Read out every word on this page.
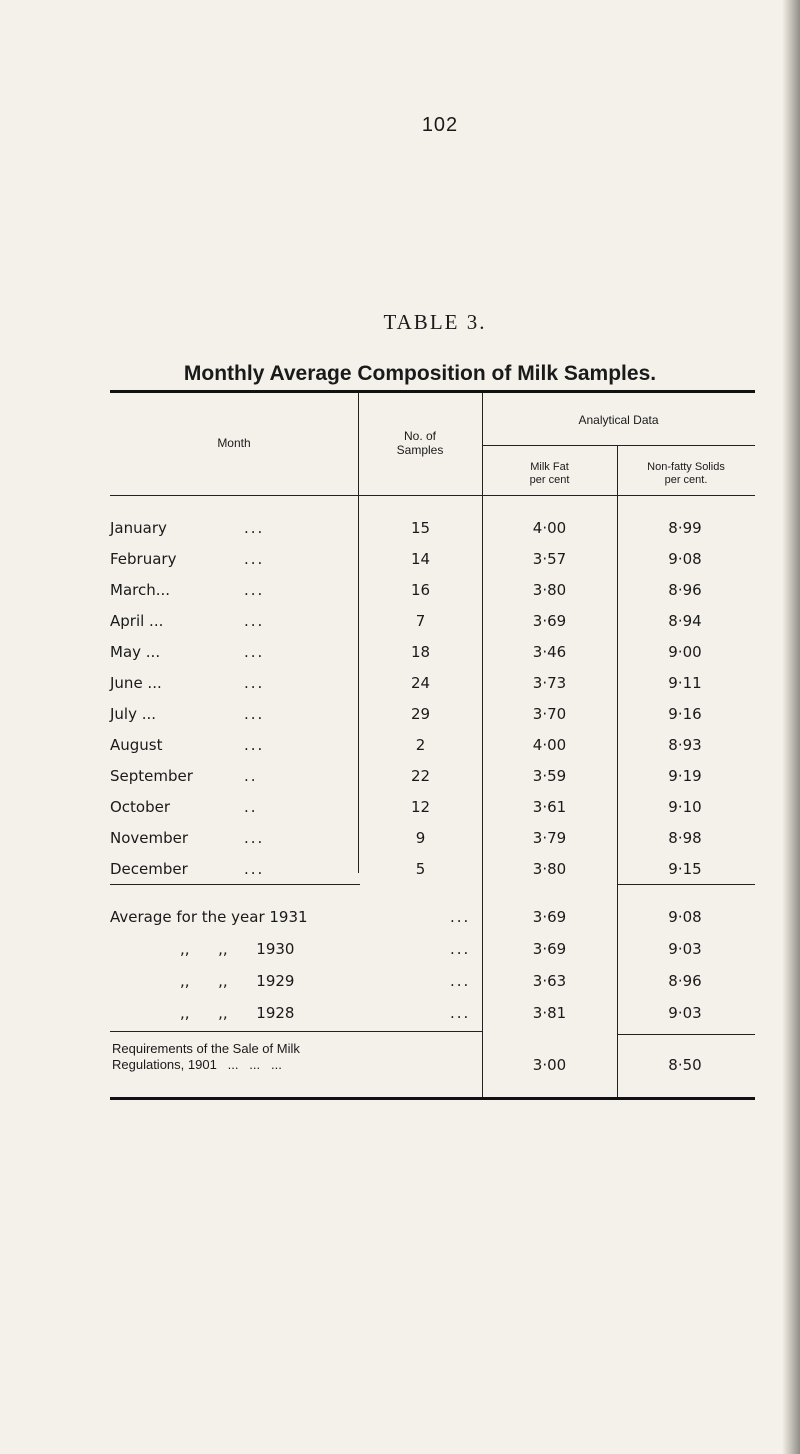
102
TABLE 3.
Monthly Average Composition of Milk Samples.
Month	No. of
Samples
Analytical Data
Milk Fat
per cent
Non-fatty Solids
per cent.
January	...	15	4·00	8·99
February	...	14	3·57	9·08
March...	...	16	3·80	8·96
April ...	...	7	3·69	8·94
May ...	...	18	3·46	9·00
June ...	...	24	3·73	9·11
July ...	...	29	3·70	9·16
August	...	2	4·00	8·93
September	..	22	3·59	9·19
October	..	12	3·61	9·10
November	...	9	3·79	8·98
December	...	5	3·80	9·15
Average for the year 1931	...	3·69	9·08
,,      ,,      1930	...	3·69	9·03
,,      ,,      1929	...	3·63	8·96
,,      ,,      1928	...	3·81	9·03
Requirements of the Sale of Milk
Regulations, 1901   ...   ...   ...	3·00	8·50
